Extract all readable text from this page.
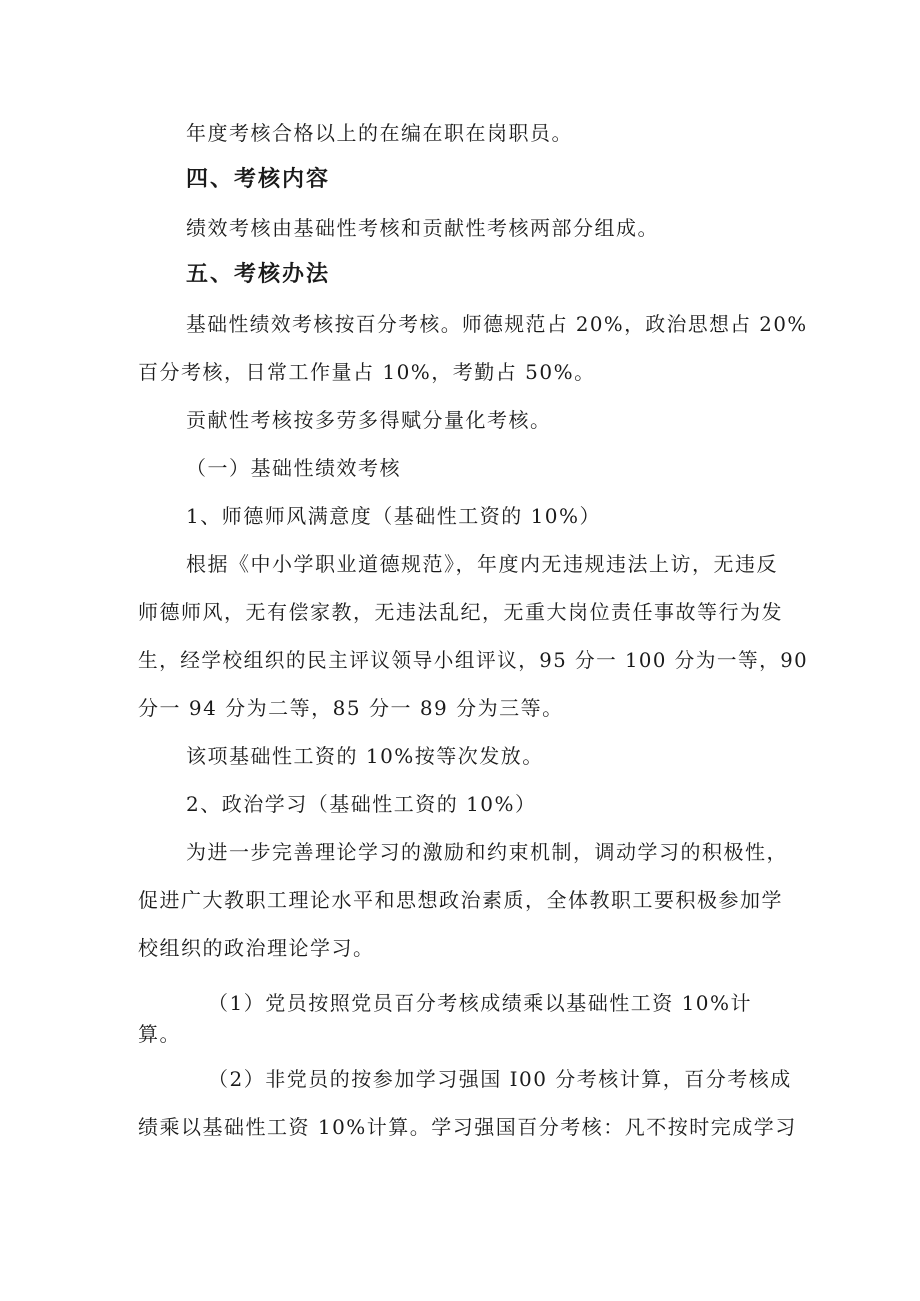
年度考核合格以上的在编在职在岗职员。
四、考核内容
绩效考核由基础性考核和贡献性考核两部分组成。
五、考核办法
基础性绩效考核按百分考核。师德规范占 20%，政治思想占 20%
百分考核，日常工作量占 10%，考勤占 50%。
贡献性考核按多劳多得赋分量化考核。
（一）基础性绩效考核
1、师德师风满意度（基础性工资的 10%）
根据《中小学职业道德规范》，年度内无违规违法上访，无违反
师德师风，无有偿家教，无违法乱纪，无重大岗位责任事故等行为发
生，经学校组织的民主评议领导小组评议，95 分一 100 分为一等，90
分一 94 分为二等，85 分一 89 分为三等。
该项基础性工资的 10%按等次发放。
2、政治学习（基础性工资的 10%）
为进一步完善理论学习的激励和约束机制，调动学习的积极性，
促进广大教职工理论水平和思想政治素质，全体教职工要积极参加学
校组织的政治理论学习。
（1）党员按照党员百分考核成绩乘以基础性工资 10%计
算。
（2）非党员的按参加学习强国 I00 分考核计算，百分考核成
绩乘以基础性工资 10%计算。学习强国百分考核：凡不按时完成学习
